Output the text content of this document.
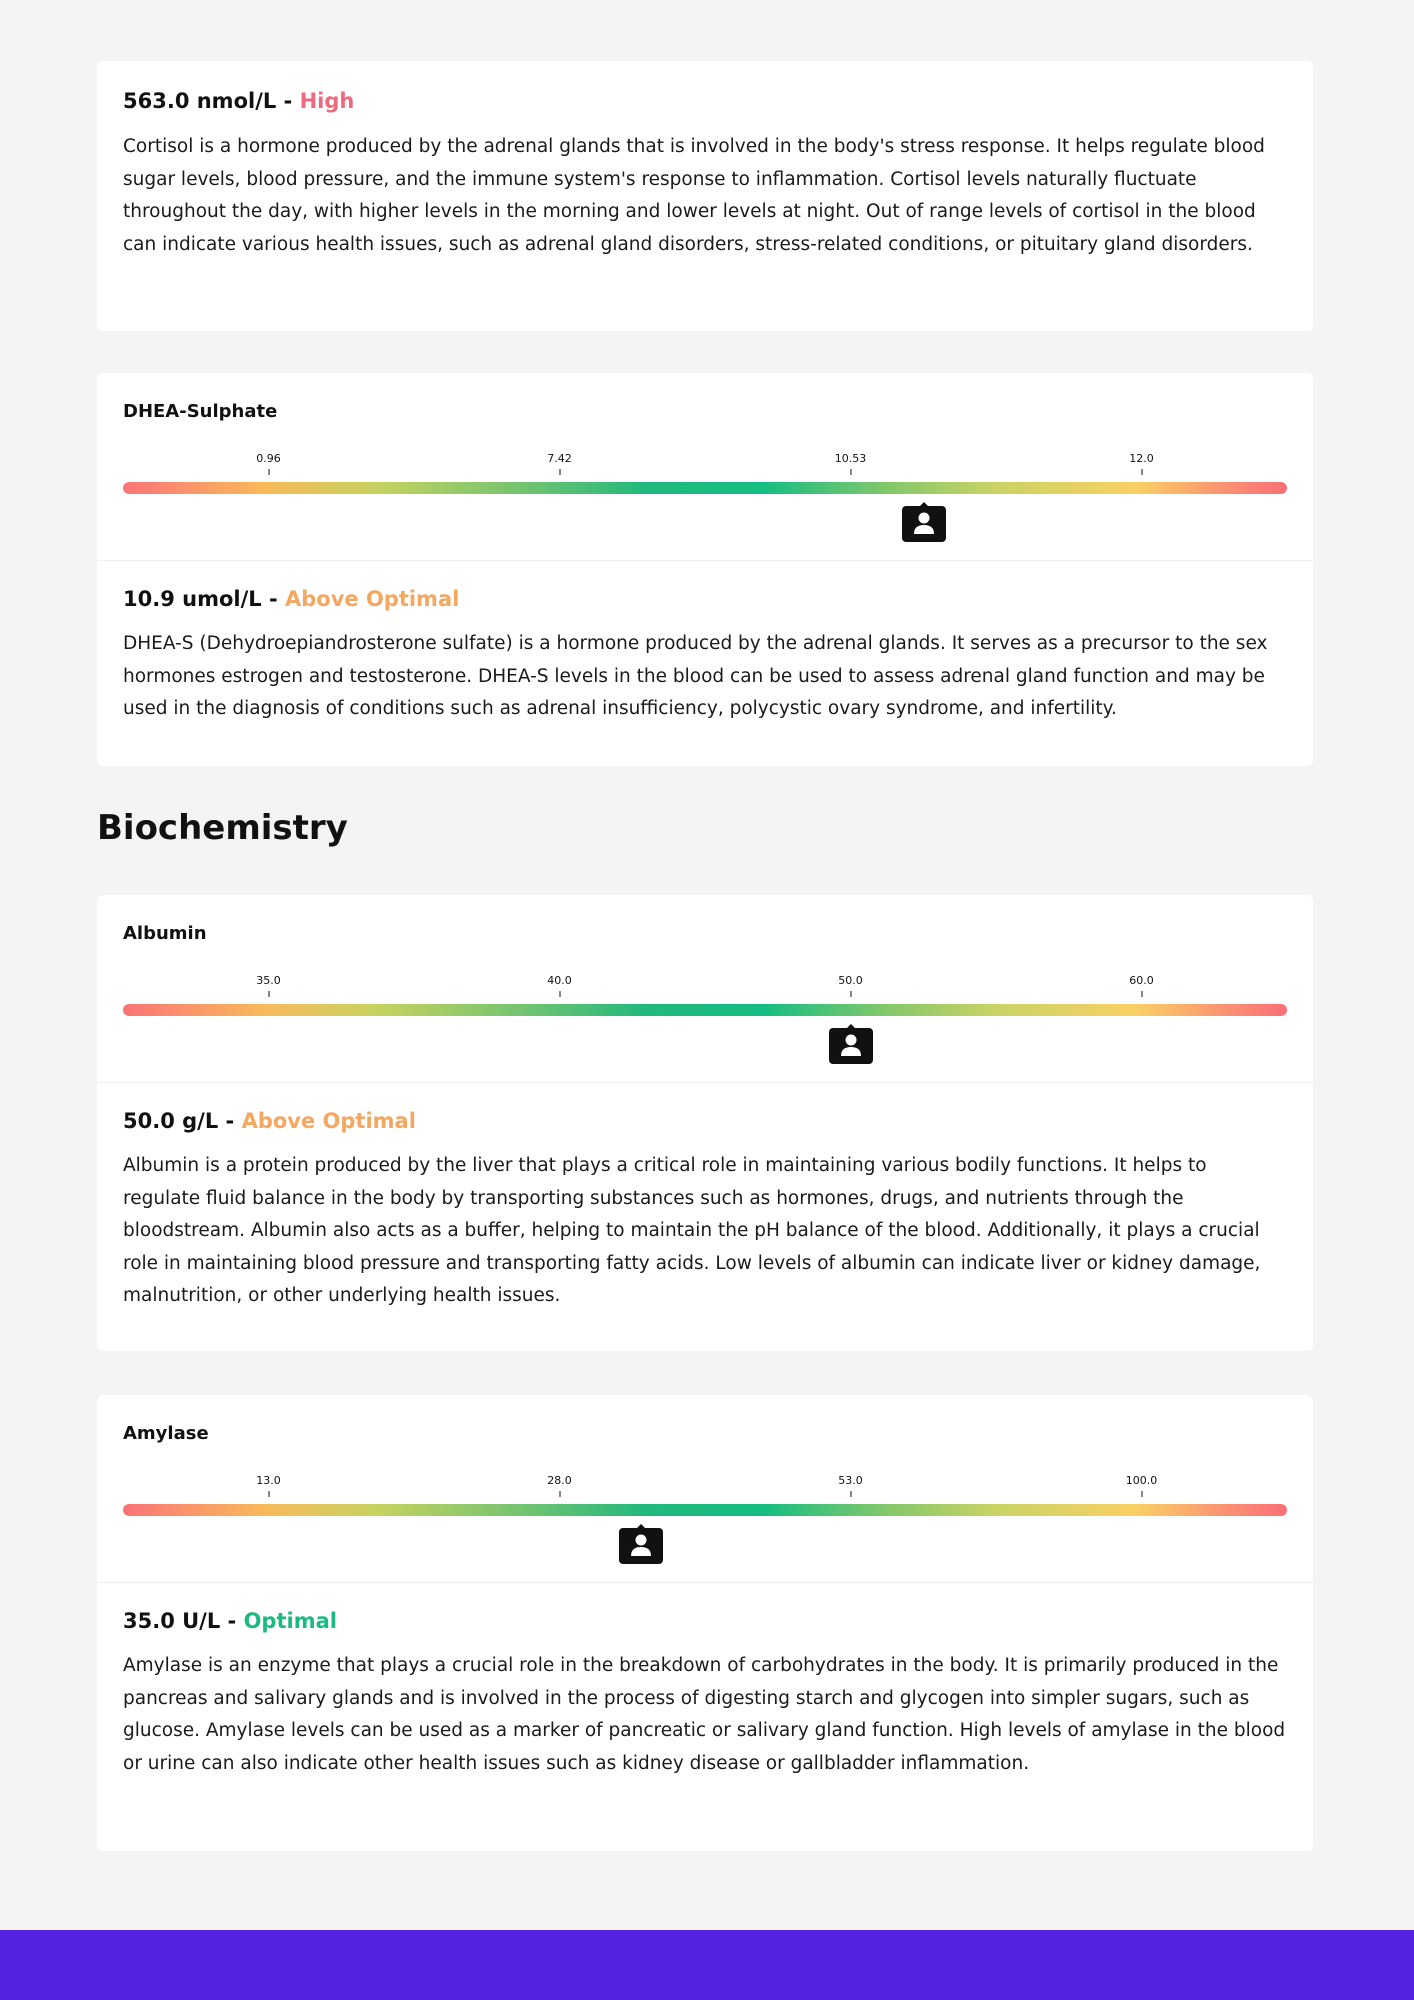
563.0 nmol/L - High
Cortisol is a hormone produced by the adrenal glands that is involved in the body's stress response. It helps regulate blood sugar levels, blood pressure, and the immune system's response to inflammation. Cortisol levels naturally fluctuate throughout the day, with higher levels in the morning and lower levels at night. Out of range levels of cortisol in the blood can indicate various health issues, such as adrenal gland disorders, stress-related conditions, or pituitary gland disorders.
DHEA-Sulphate
0.96	7.42	10.53	12.0
10.9 umol/L - Above Optimal
DHEA-S (Dehydroepiandrosterone sulfate) is a hormone produced by the adrenal glands. It serves as a precursor to the sex hormones estrogen and testosterone. DHEA-S levels in the blood can be used to assess adrenal gland function and may be used in the diagnosis of conditions such as adrenal insufficiency, polycystic ovary syndrome, and infertility.
Biochemistry
Albumin
35.0	40.0	50.0	60.0
50.0 g/L - Above Optimal
Albumin is a protein produced by the liver that plays a critical role in maintaining various bodily functions. It helps to regulate fluid balance in the body by transporting substances such as hormones, drugs, and nutrients through the bloodstream. Albumin also acts as a buffer, helping to maintain the pH balance of the blood. Additionally, it plays a crucial role in maintaining blood pressure and transporting fatty acids. Low levels of albumin can indicate liver or kidney damage, malnutrition, or other underlying health issues.
Amylase
13.0	28.0	53.0	100.0
35.0 U/L - Optimal
Amylase is an enzyme that plays a crucial role in the breakdown of carbohydrates in the body. It is primarily produced in the pancreas and salivary glands and is involved in the process of digesting starch and glycogen into simpler sugars, such as glucose. Amylase levels can be used as a marker of pancreatic or salivary gland function. High levels of amylase in the blood or urine can also indicate other health issues such as kidney disease or gallbladder inflammation.
